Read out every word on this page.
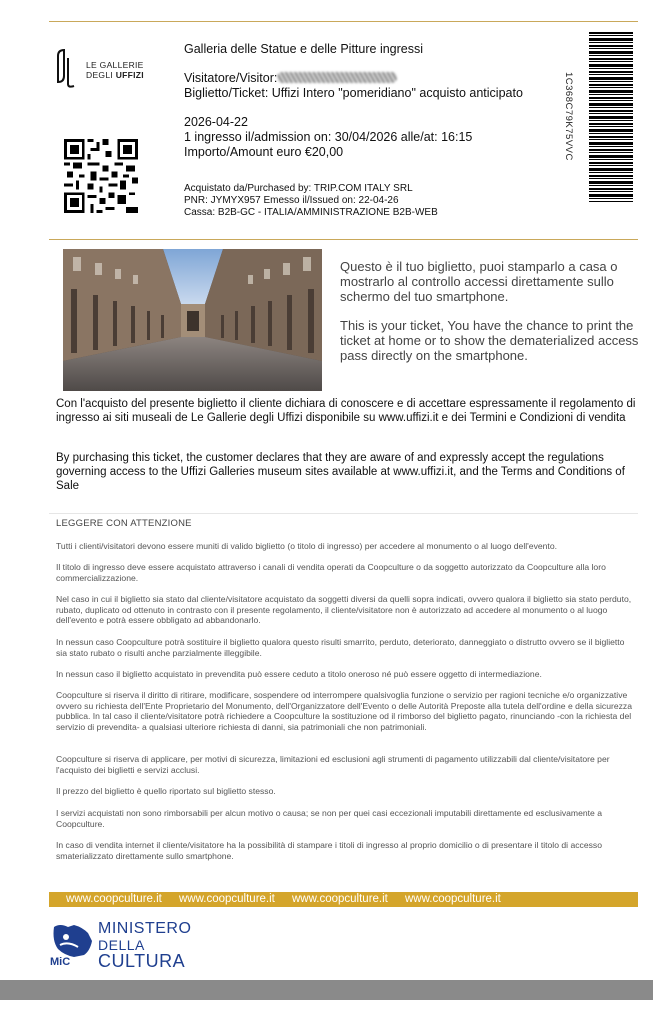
LE GALLERIE
DEGLI UFFIZI
Galleria delle Statue e delle Pitture ingressi
Visitatore/Visitor:
Biglietto/Ticket: Uffizi Intero "pomeridiano" acquisto anticipato
2026-04-22
1 ingresso il/admission on: 30/04/2026 alle/at: 16:15
Importo/Amount euro €20,00
Acquistato da/Purchased by: TRIP.COM ITALY SRL
PNR: JYMYX957 Emesso il/Issued on: 22-04-26
Cassa: B2B-GC - ITALIA/AMMINISTRAZIONE B2B-WEB
1C368C79K75VVC
Questo è il tuo biglietto, puoi stamparlo a casa o mostrarlo al controllo accessi direttamente sullo schermo del tuo smartphone.
This is your ticket, You have the chance to print the ticket at home or to show the dematerialized access pass directly on the smartphone.
Con l'acquisto del presente biglietto il cliente dichiara di conoscere e di accettare espressamente il regolamento di ingresso ai siti museali de Le Gallerie degli Uffizi disponibile su www.uffizi.it e dei Termini e Condizioni di vendita
By purchasing this ticket, the customer declares that they are aware of and expressly accept the regulations governing access to the Uffizi Galleries museum sites available at www.uffizi.it, and the Terms and Conditions of Sale
LEGGERE CON ATTENZIONE
Tutti i clienti/visitatori devono essere muniti di valido biglietto (o titolo di ingresso) per accedere al monumento o al luogo dell'evento.
Il titolo di ingresso deve essere acquistato attraverso i canali di vendita operati da Coopculture o da soggetto autorizzato da Coopculture alla loro commercializzazione.
Nel caso in cui il biglietto sia stato dal cliente/visitatore acquistato da soggetti diversi da quelli sopra indicati, ovvero qualora il biglietto sia stato perduto, rubato, duplicato od ottenuto in contrasto con il presente regolamento, il cliente/visitatore non è autorizzato ad accedere al monumento o al luogo dell'evento e potrà essere obbligato ad abbandonarlo.
In nessun caso Coopculture potrà sostituire il biglietto qualora questo risulti smarrito, perduto, deteriorato, danneggiato o distrutto ovvero se il biglietto sia stato rubato o risulti anche parzialmente illeggibile.
In nessun caso il biglietto acquistato in prevendita può essere ceduto a titolo oneroso né può essere oggetto di intermediazione.
Coopculture si riserva il diritto di ritirare, modificare, sospendere od interrompere qualsivoglia funzione o servizio per ragioni tecniche e/o organizzative ovvero su richiesta dell'Ente Proprietario del Monumento, dell'Organizzatore dell'Evento o delle Autorità Preposte alla tutela dell'ordine e della sicurezza pubblica. In tal caso il cliente/visitatore potrà richiedere a Coopculture la sostituzione od il rimborso del biglietto pagato, rinunciando -con la richiesta del servizio di prevendita- a qualsiasi ulteriore richiesta di danni, sia patrimoniali che non patrimoniali.
Coopculture si riserva di applicare, per motivi di sicurezza, limitazioni ed esclusioni agli strumenti di pagamento utilizzabili dal cliente/visitatore per l'acquisto dei biglietti e servizi acclusi.
Il prezzo del biglietto è quello riportato sul biglietto stesso.
I servizi acquistati non sono rimborsabili per alcun motivo o causa; se non per quei casi eccezionali imputabili direttamente ed esclusivamente a Coopculture.
In caso di vendita internet il cliente/visitatore ha la possibilità di stampare i titoli di ingresso al proprio domicilio o di presentare il titolo di accesso smaterializzato direttamente sullo smartphone.
www.coopculture.it www.coopculture.it www.coopculture.it www.coopculture.it
MiC
MINISTERO
DELLA
CULTURA
